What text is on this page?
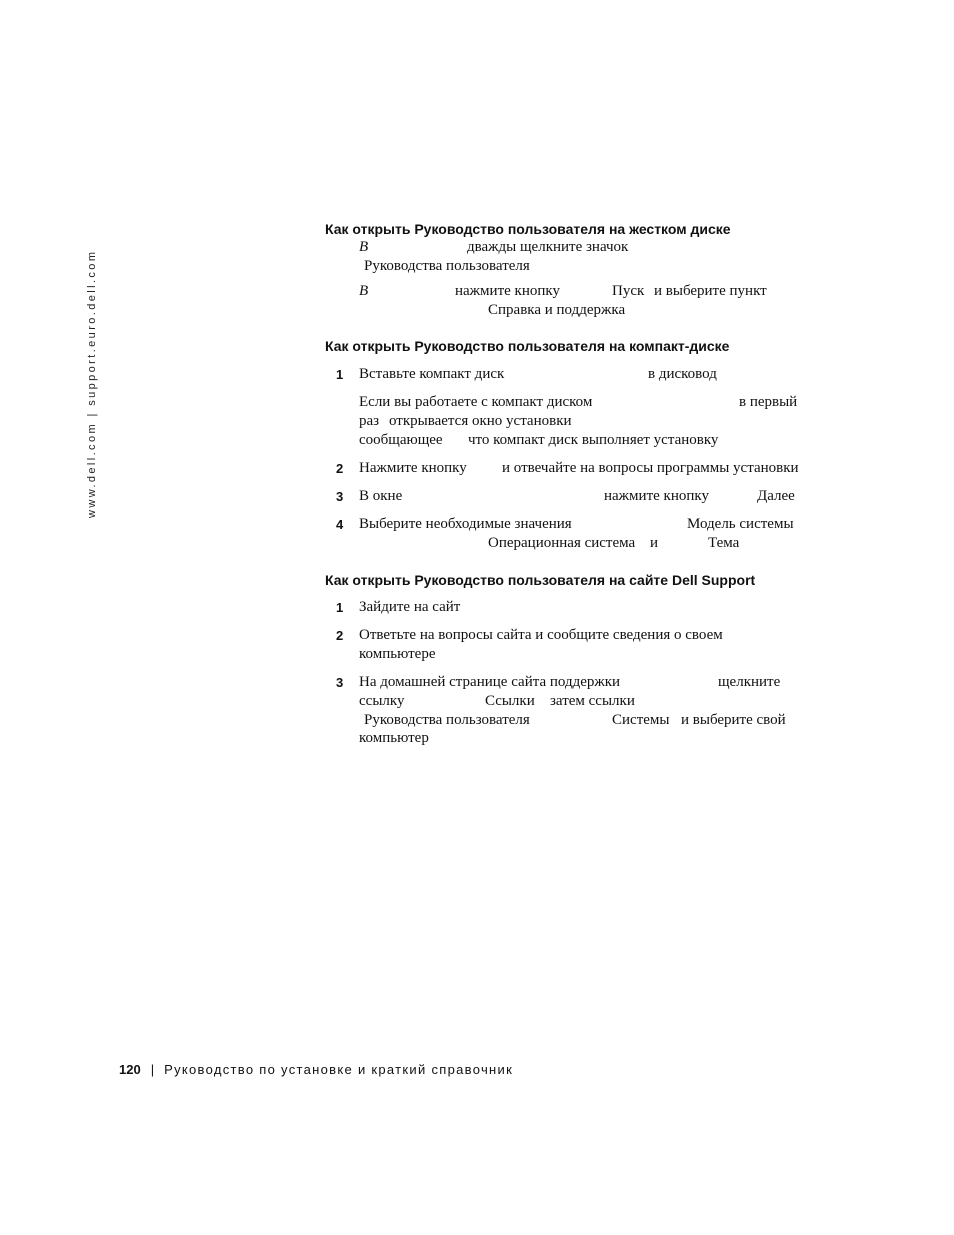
www.dell.com | support.euro.dell.com
Как открыть Руководство пользователя на жестком диске
В	дважды щелкните значок
Руководства пользователя
В	нажмите кнопку	Пуск и выберите пункт
Справка и поддержка
Как открыть Руководство пользователя на компакт-диске
1 Вставьте компакт диск	в дисковод
Если вы работаете с компакт диском	в первый
раз открывается окно установки
сообщающее что компакт диск выполняет установку
2 Нажмите кнопку и отвечайте на вопросы программы установки
3 В окне	нажмите кнопку	Далее
4 Выберите необходимые значения	Модель системы
Операционная система и	Тема
Как открыть Руководство пользователя на сайте Dell Support
1 Зайдите на сайт
2 Ответьте на вопросы сайта и сообщите сведения о своем
компьютере
3 На домашней странице сайта поддержки	щелкните
ссылку	Ссылки затем ссылки
Руководства пользователя	Системы и выберите свой
компьютер
120 | Руководство по установке и краткий справочник
